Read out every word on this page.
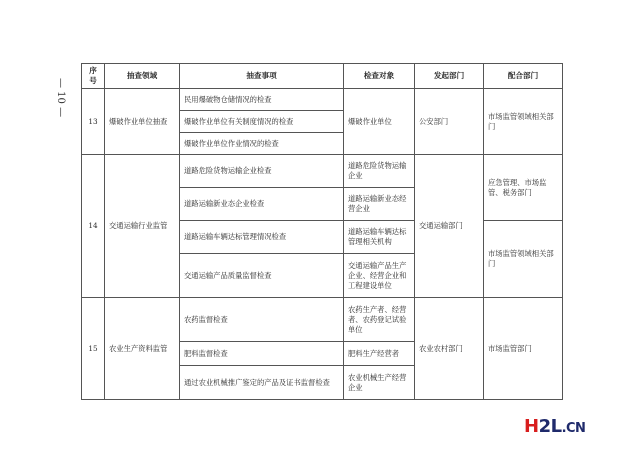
— 10 —
序号	抽查领域	抽查事项	检查对象	发起部门	配合部门
13	爆破作业单位抽查	民用爆破物仓储情况的检查	爆破作业单位	公安部门	市场监管领域相关部门
		爆破作业单位有关制度情况的检查			
		爆破作业单位作业情况的检查			
14	交通运输行业监管	道路危险货物运输企业检查	道路危险货物运输企业	交通运输部门	应急管理、市场监管、税务部门
		道路运输新业态企业检查	道路运输新业态经营企业		
		道路运输车辆达标管理情况检查	道路运输车辆达标管理相关机构		市场监管领域相关部门
		交通运输产品质量监督检查	交通运输产品生产企业、经营企业和工程建设单位		
15	农业生产资料监管	农药监督检查	农药生产者、经营者、农药登记试验单位	农业农村部门	市场监管部门
		肥料监督检查	肥料生产经营者		
		通过农业机械推广鉴定的产品及证书监督检查	农业机械生产经营企业		
H2L.CN
